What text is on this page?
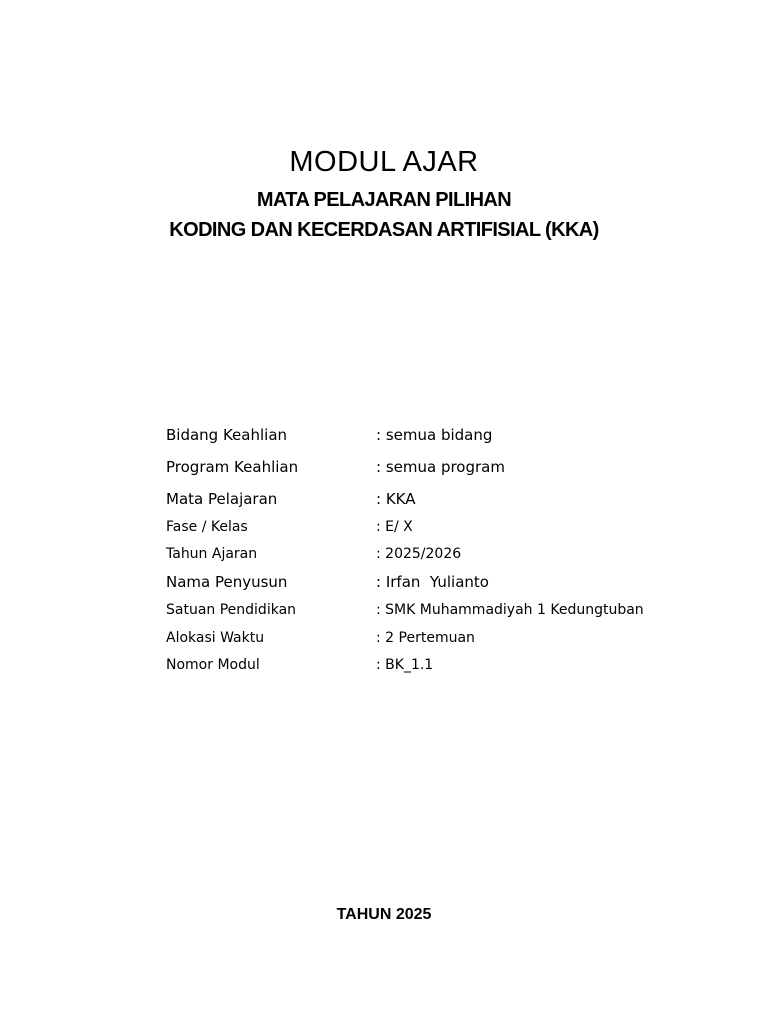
MODUL AJAR
MATA PELAJARAN PILIHAN
KODING DAN KECERDASAN ARTIFISIAL (KKA)
Bidang Keahlian	: semua bidang
Program Keahlian	: semua program
Mata Pelajaran	: KKA
Fase / Kelas	: E/ X
Tahun Ajaran	: 2025/2026
Nama Penyusun	: Irfan  Yulianto
Satuan Pendidikan	: SMK Muhammadiyah 1 Kedungtuban
Alokasi Waktu	: 2 Pertemuan
Nomor Modul	: BK_1.1

TAHUN 2025
